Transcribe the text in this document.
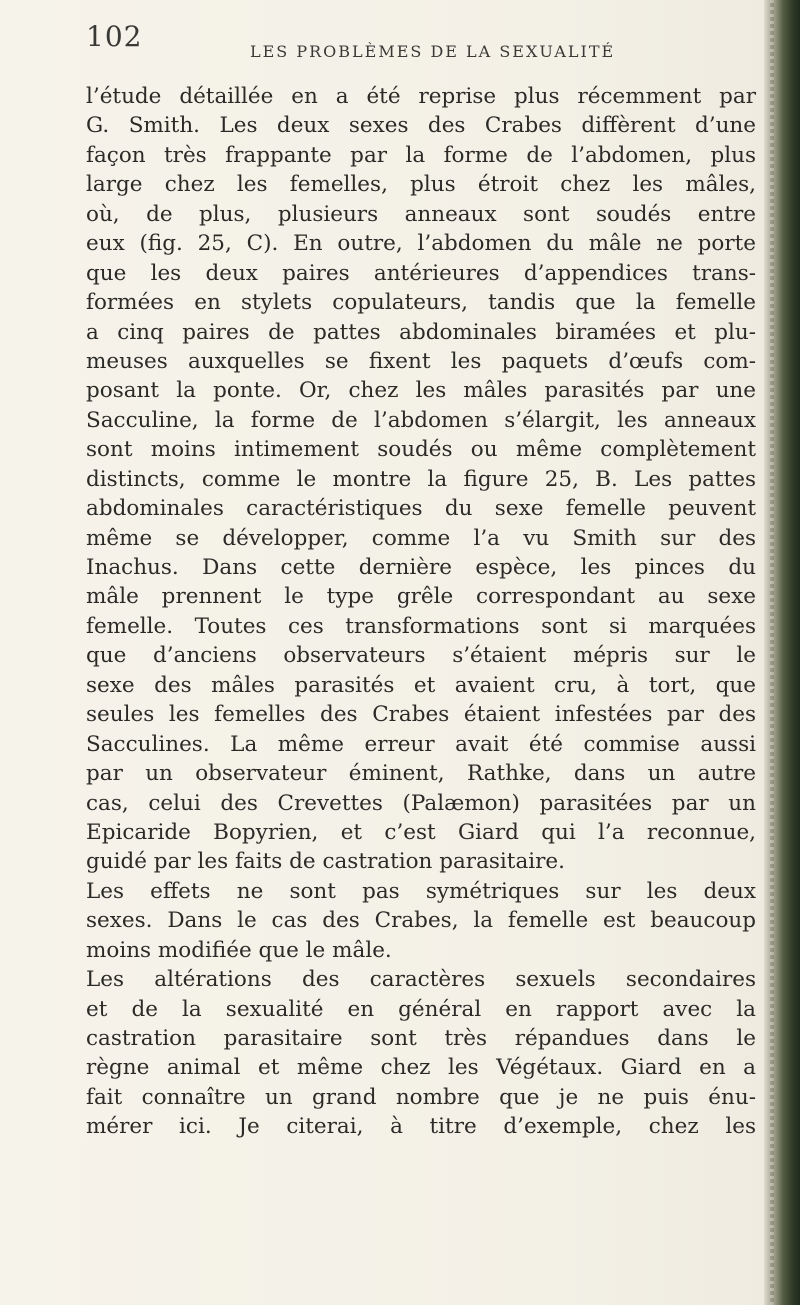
102	LES PROBLÈMES DE LA SEXUALITÉ
l’étude détaillée en a été reprise plus récemment par
G. Smith. Les deux sexes des Crabes diffèrent d’une
façon très frappante par la forme de l’abdomen, plus
large chez les femelles, plus étroit chez les mâles,
où, de plus, plusieurs anneaux sont soudés entre
eux (fig. 25, C). En outre, l’abdomen du mâle ne porte
que les deux paires antérieures d’appendices trans-
formées en stylets copulateurs, tandis que la femelle
a cinq paires de pattes abdominales biramées et plu-
meuses auxquelles se fixent les paquets d’œufs com-
posant la ponte. Or, chez les mâles parasités par une
Sacculine, la forme de l’abdomen s’élargit, les anneaux
sont moins intimement soudés ou même complètement
distincts, comme le montre la figure 25, B. Les pattes
abdominales caractéristiques du sexe femelle peuvent
même se développer, comme l’a vu Smith sur des
Inachus. Dans cette dernière espèce, les pinces du
mâle prennent le type grêle correspondant au sexe
femelle. Toutes ces transformations sont si marquées
que d’anciens observateurs s’étaient mépris sur le
sexe des mâles parasités et avaient cru, à tort, que
seules les femelles des Crabes étaient infestées par des
Sacculines. La même erreur avait été commise aussi
par un observateur éminent, Rathke, dans un autre
cas, celui des Crevettes (Palæmon) parasitées par un
Epicaride Bopyrien, et c’est Giard qui l’a reconnue,
guidé par les faits de castration parasitaire.
Les effets ne sont pas symétriques sur les deux
sexes. Dans le cas des Crabes, la femelle est beaucoup
moins modifiée que le mâle.
Les altérations des caractères sexuels secondaires
et de la sexualité en général en rapport avec la
castration parasitaire sont très répandues dans le
règne animal et même chez les Végétaux. Giard en a
fait connaître un grand nombre que je ne puis énu-
mérer ici. Je citerai, à titre d’exemple, chez les
